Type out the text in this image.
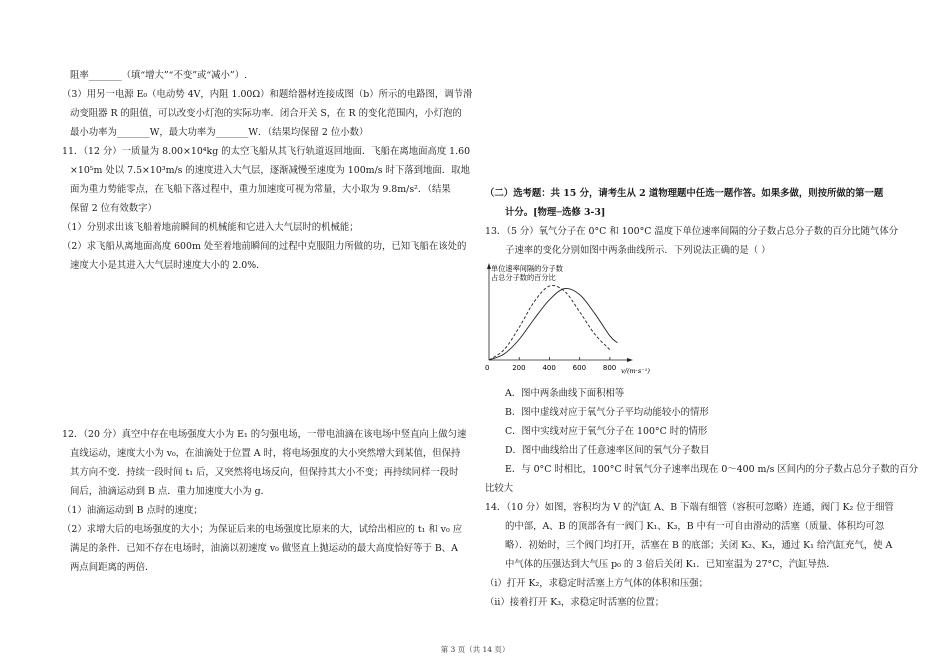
阻率_______（填“增大”“不变”或“减小”）.
（3）用另一电源 E₀（电动势 4V，内阻 1.00Ω）和题给器材连接成图（b）所示的电路图，调节滑
动变阻器 R 的阻值，可以改变小灯泡的实际功率．闭合开关 S，在 R 的变化范围内，小灯泡的
最小功率为_______W，最大功率为_______W．（结果均保留 2 位小数）
11．（12 分）一质量为 8.00×10⁴kg 的太空飞船从其飞行轨道返回地面．飞船在离地面高度 1.60
×10⁵m 处以 7.5×10³m/s 的速度进入大气层，逐渐减慢至速度为 100m/s 时下落到地面．取地
面为重力势能零点，在飞船下落过程中，重力加速度可视为常量，大小取为 9.8m/s²．（结果
保留 2 位有效数字）
（1）分别求出该飞船着地前瞬间的机械能和它进入大气层时的机械能；
（2）求飞船从离地面高度 600m 处至着地前瞬间的过程中克服阻力所做的功，已知飞船在该处的
速度大小是其进入大气层时速度大小的 2.0%．
12．（20 分）真空中存在电场强度大小为 E₁ 的匀强电场，一带电油滴在该电场中竖直向上做匀速
直线运动，速度大小为 v₀，在油滴处于位置 A 时，将电场强度的大小突然增大到某值，但保持
其方向不变．持续一段时间 t₁ 后，又突然将电场反向，但保持其大小不变；再持续同样一段时
间后，油滴运动到 B 点．重力加速度大小为 g．
（1）油滴运动到 B 点时的速度；
（2）求增大后的电场强度的大小；为保证后来的电场强度比原来的大，试给出相应的 t₁ 和 v₀ 应
满足的条件．已知不存在电场时，油滴以初速度 v₀ 做竖直上抛运动的最大高度恰好等于 B、A
两点间距离的两倍．
（二）选考题：共 15 分，请考生从 2 道物理题中任选一题作答。如果多做，则按所做的第一题
计分。[物理─选修 3-3]
13．（5 分）氧气分子在 0°C 和 100°C 温度下单位速率间隔的分子数占总分子数的百分比随气体分
子速率的变化分别如图中两条曲线所示．下列说法正确的是（ ）
单位速率间隔的分子数
占总分子数的百分比
0	v/(m·s⁻¹)
200 400 600 800
A．图中两条曲线下面积相等
B．图中虚线对应于氧气分子平均动能较小的情形
C．图中实线对应于氧气分子在 100°C 时的情形
D．图中曲线给出了任意速率区间的氧气分子数目
E．与 0°C 时相比，100°C 时氧气分子速率出现在 0～400 m/s 区间内的分子数占总分子数的百分
比较大
14．（10 分）如图，容积均为 V 的汽缸 A、B 下端有细管（容积可忽略）连通，阀门 K₂ 位于细管
的中部，A、B 的顶部各有一阀门 K₁、K₃，B 中有一可自由滑动的活塞（质量、体积均可忽
略）．初始时，三个阀门均打开，活塞在 B 的底部；关闭 K₂、K₃，通过 K₁ 给汽缸充气，使 A
中气体的压强达到大气压 p₀ 的 3 倍后关闭 K₁．已知室温为 27°C，汽缸导热．
（i）打开 K₂，求稳定时活塞上方气体的体积和压强；
（ii）接着打开 K₃，求稳定时活塞的位置；
第 3 页（共 14 页）
